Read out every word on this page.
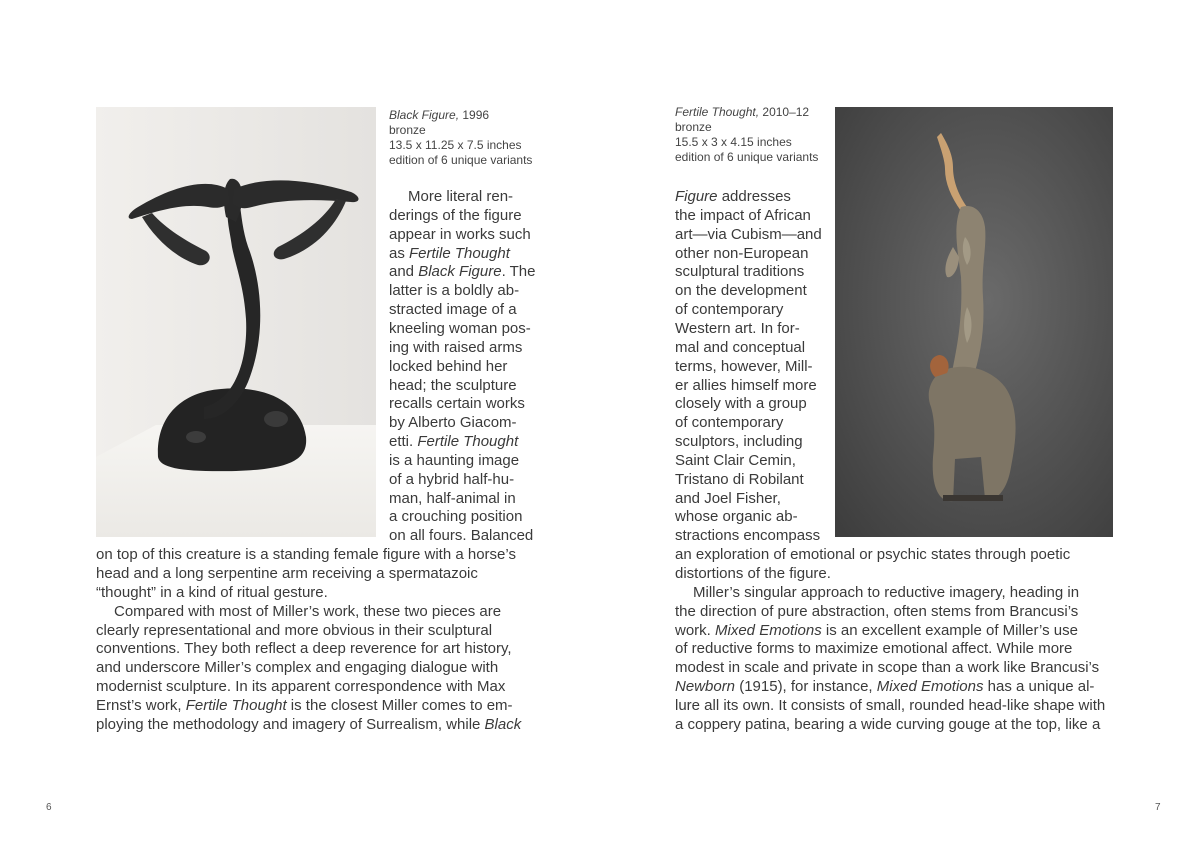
Black Figure, 1996
bronze
13.5 x 11.25 x 7.5 inches
edition of 6 unique variants
Fertile Thought, 2010–12
bronze
15.5 x 3 x 4.15 inches
edition of 6 unique variants
More literal ren-
derings of the figure
appear in works such
as Fertile Thought
and Black Figure. The
latter is a boldly ab-
stracted image of a
kneeling woman pos-
ing with raised arms
locked behind her
head; the sculpture
recalls certain works
by Alberto Giacom-
etti. Fertile Thought
is a haunting image
of a hybrid half-hu-
man, half-animal in
a crouching position
on all fours. Balanced
on top of this creature is a standing female figure with a horse’s
head and a long serpentine arm receiving a spermatazoic
“thought” in a kind of ritual gesture.
Compared with most of Miller’s work, these two pieces are
clearly representational and more obvious in their sculptural
conventions. They both reflect a deep reverence for art history,
and underscore Miller’s complex and engaging dialogue with
modernist sculpture. In its apparent correspondence with Max
Ernst’s work, Fertile Thought is the closest Miller comes to em-
ploying the methodology and imagery of Surrealism, while Black
Figure addresses
the impact of African
art—via Cubism—and
other non-European
sculptural traditions
on the development
of contemporary
Western art. In for-
mal and conceptual
terms, however, Mill-
er allies himself more
closely with a group
of contemporary
sculptors, including
Saint Clair Cemin,
Tristano di Robilant
and Joel Fisher,
whose organic ab-
stractions encompass
an exploration of emotional or psychic states through poetic
distortions of the figure.
Miller’s singular approach to reductive imagery, heading in
the direction of pure abstraction, often stems from Brancusi’s
work. Mixed Emotions is an excellent example of Miller’s use
of reductive forms to maximize emotional affect. While more
modest in scale and private in scope than a work like Brancusi’s
Newborn (1915), for instance, Mixed Emotions has a unique al-
lure all its own. It consists of small, rounded head-like shape with
a coppery patina, bearing a wide curving gouge at the top, like a
6	7
